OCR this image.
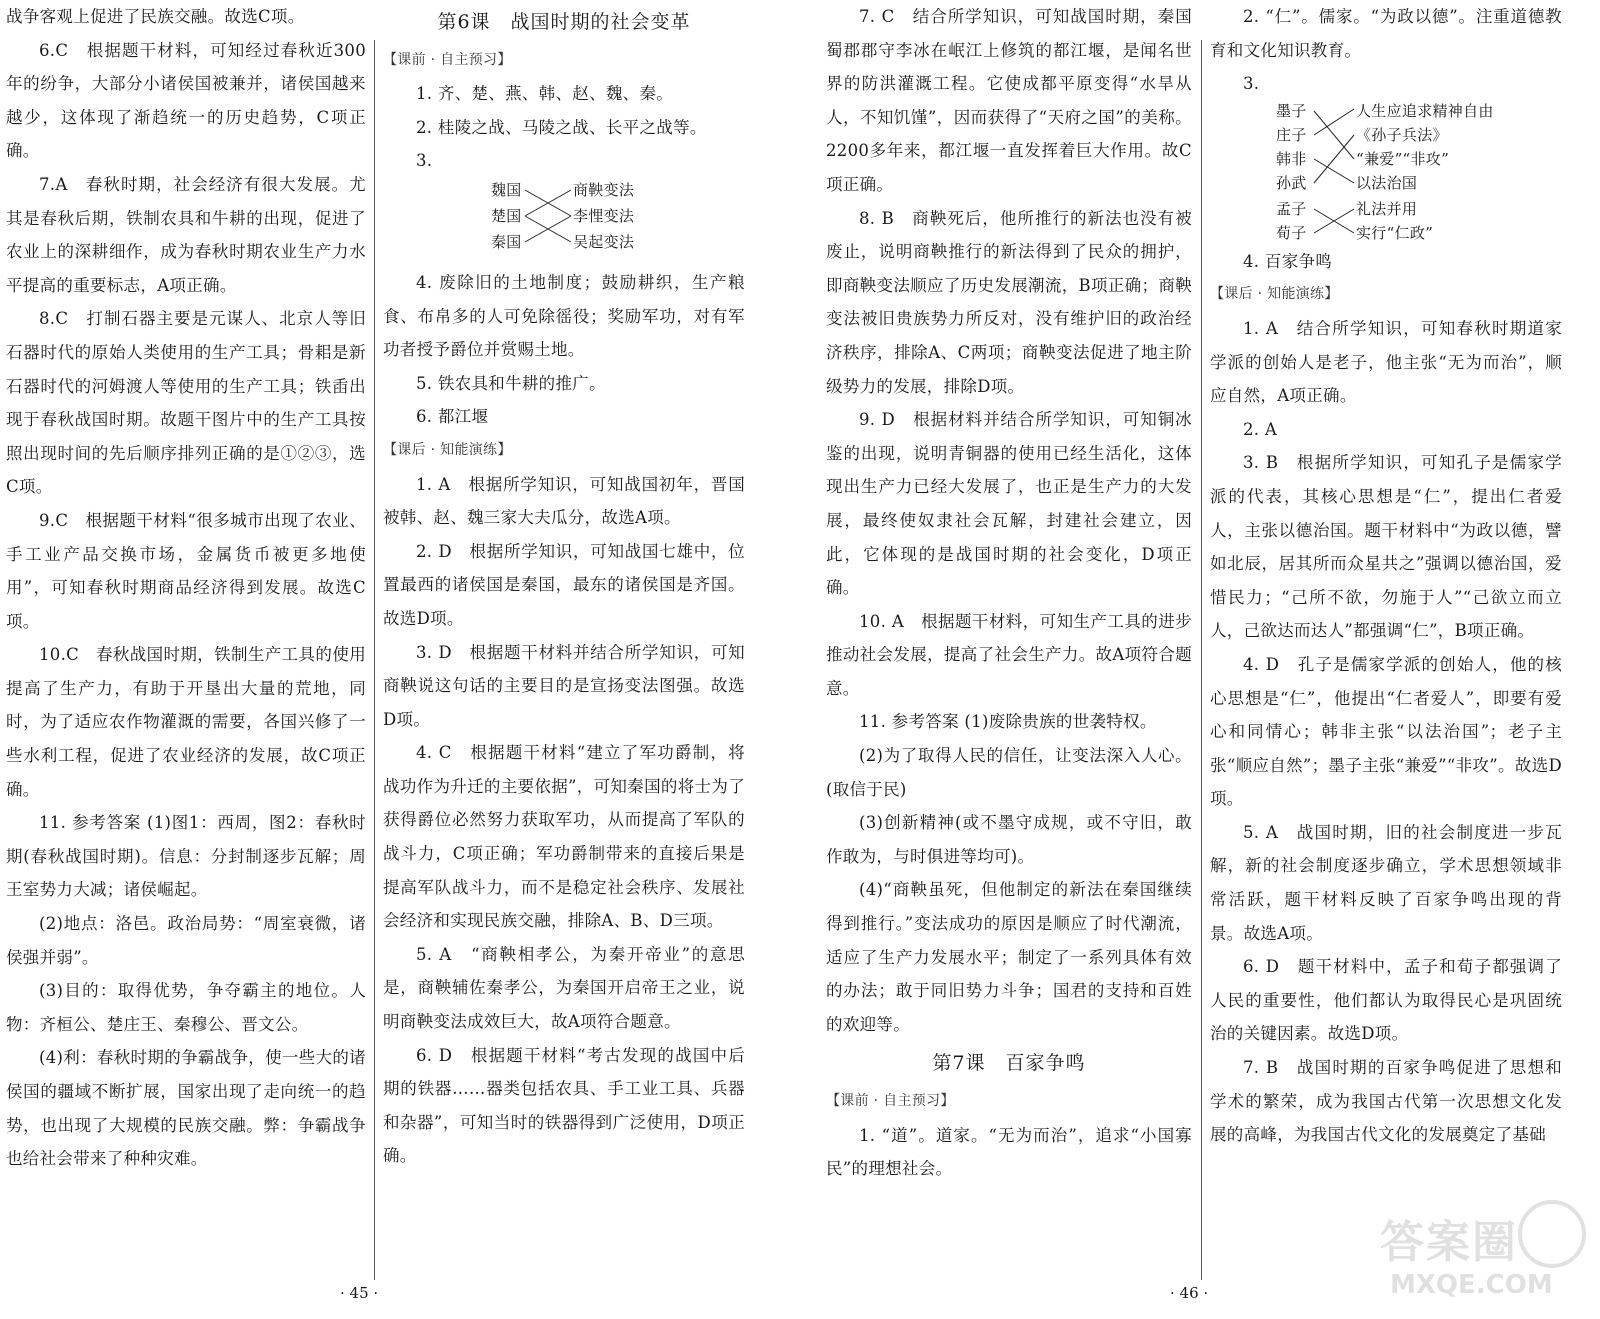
战争客观上促进了民族交融。故选C项。

6.C　根据题干材料，可知经过春秋近300年的纷争，大部分小诸侯国被兼并，诸侯国越来越少，这体现了渐趋统一的历史趋势，C项正确。

7.A　春秋时期，社会经济有很大发展。尤其是春秋后期，铁制农具和牛耕的出现，促进了农业上的深耕细作，成为春秋时期农业生产力水平提高的重要标志，A项正确。

8.C　打制石器主要是元谋人、北京人等旧石器时代的原始人类使用的生产工具；骨耜是新石器时代的河姆渡人等使用的生产工具；铁臿出现于春秋战国时期。故题干图片中的生产工具按照出现时间的先后顺序排列正确的是①②③，选C项。

9.C　根据题干材料“很多城市出现了农业、手工业产品交换市场，金属货币被更多地使用”，可知春秋时期商品经济得到发展。故选C项。

10.C　春秋战国时期，铁制生产工具的使用提高了生产力，有助于开垦出大量的荒地，同时，为了适应农作物灌溉的需要，各国兴修了一些水利工程，促进了农业经济的发展，故C项正确。

11. 参考答案 (1)图1：西周，图2：春秋时期(春秋战国时期)。信息：分封制逐步瓦解；周王室势力大减；诸侯崛起。

(2)地点：洛邑。政治局势：“周室衰微，诸侯强并弱”。

(3)目的：取得优势，争夺霸主的地位。人物：齐桓公、楚庄王、秦穆公、晋文公。

(4)利：春秋时期的争霸战争，使一些大的诸侯国的疆域不断扩展，国家出现了走向统一的趋势，也出现了大规模的民族交融。弊：争霸战争也给社会带来了种种灾难。

第6课　战国时期的社会变革

【课前 · 自主预习】

1. 齐、楚、燕、韩、赵、魏、秦。

2. 桂陵之战、马陵之战、长平之战等。

3.

魏国
楚国
秦国
商鞅变法
李悝变法
吴起变法

4. 废除旧的土地制度；鼓励耕织，生产粮食、布帛多的人可免除徭役；奖励军功，对有军功者授予爵位并赏赐土地。

5. 铁农具和牛耕的推广。

6. 都江堰

【课后 · 知能演练】

1. A　根据所学知识，可知战国初年，晋国被韩、赵、魏三家大夫瓜分，故选A项。

2. D　根据所学知识，可知战国七雄中，位置最西的诸侯国是秦国，最东的诸侯国是齐国。故选D项。

3. D　根据题干材料并结合所学知识，可知商鞅说这句话的主要目的是宣扬变法图强。故选D项。

4. C　根据题干材料“建立了军功爵制，将战功作为升迁的主要依据”，可知秦国的将士为了获得爵位必然努力获取军功，从而提高了军队的战斗力，C项正确；军功爵制带来的直接后果是提高军队战斗力，而不是稳定社会秩序、发展社会经济和实现民族交融，排除A、B、D三项。

5. A　“商鞅相孝公，为秦开帝业”的意思是，商鞅辅佐秦孝公，为秦国开启帝王之业，说明商鞅变法成效巨大，故A项符合题意。

6. D　根据题干材料“考古发现的战国中后期的铁器……器类包括农具、手工业工具、兵器和杂器”，可知当时的铁器得到广泛使用，D项正确。

7. C　结合所学知识，可知战国时期，秦国蜀郡郡守李冰在岷江上修筑的都江堰，是闻名世界的防洪灌溉工程。它使成都平原变得“水旱从人，不知饥馑”，因而获得了“天府之国”的美称。2200多年来，都江堰一直发挥着巨大作用。故C项正确。

8. B　商鞅死后，他所推行的新法也没有被废止，说明商鞅推行的新法得到了民众的拥护，即商鞅变法顺应了历史发展潮流，B项正确；商鞅变法被旧贵族势力所反对，没有维护旧的政治经济秩序，排除A、C两项；商鞅变法促进了地主阶级势力的发展，排除D项。

9. D　根据材料并结合所学知识，可知铜冰鉴的出现，说明青铜器的使用已经生活化，这体现出生产力已经大发展了，也正是生产力的大发展，最终使奴隶社会瓦解，封建社会建立，因此，它体现的是战国时期的社会变化，D项正确。

10. A　根据题干材料，可知生产工具的进步推动社会发展，提高了社会生产力。故A项符合题意。

11. 参考答案 (1)废除贵族的世袭特权。

(2)为了取得人民的信任，让变法深入人心。(取信于民)

(3)创新精神(或不墨守成规，或不守旧，敢作敢为，与时俱进等均可)。

(4)“商鞅虽死，但他制定的新法在秦国继续得到推行。”变法成功的原因是顺应了时代潮流，适应了生产力发展水平；制定了一系列具体有效的办法；敢于同旧势力斗争；国君的支持和百姓的欢迎等。

第7课　百家争鸣

【课前 · 自主预习】

1. “道”。道家。“无为而治”，追求“小国寡民”的理想社会。

2. “仁”。儒家。“为政以德”。注重道德教育和文化知识教育。

3.

墨子
庄子
韩非
孙武
孟子
荀子
人生应追求精神自由
《孙子兵法》
“兼爱”“非攻”
以法治国
礼法并用
实行“仁政”

4. 百家争鸣

【课后 · 知能演练】

1. A　结合所学知识，可知春秋时期道家学派的创始人是老子，他主张“无为而治”，顺应自然，A项正确。

2. A

3. B　根据所学知识，可知孔子是儒家学派的代表，其核心思想是“仁”，提出仁者爱人，主张以德治国。题干材料中“为政以德，譬如北辰，居其所而众星共之”强调以德治国，爱惜民力；“己所不欲，勿施于人”“己欲立而立人，己欲达而达人”都强调“仁”，B项正确。

4. D　孔子是儒家学派的创始人，他的核心思想是“仁”，他提出“仁者爱人”，即要有爱心和同情心；韩非主张“以法治国”；老子主张“顺应自然”；墨子主张“兼爱”“非攻”。故选D项。

5. A　战国时期，旧的社会制度进一步瓦解，新的社会制度逐步确立，学术思想领域非常活跃，题干材料反映了百家争鸣出现的背景。故选A项。

6. D　题干材料中，孟子和荀子都强调了人民的重要性，他们都认为取得民心是巩固统治的关键因素。故选D项。

7. B　战国时期的百家争鸣促进了思想和学术的繁荣，成为我国古代第一次思想文化发展的高峰，为我国古代文化的发展奠定了基础

· 45 ·	· 46 ·
答案圈
MXQE.COM
